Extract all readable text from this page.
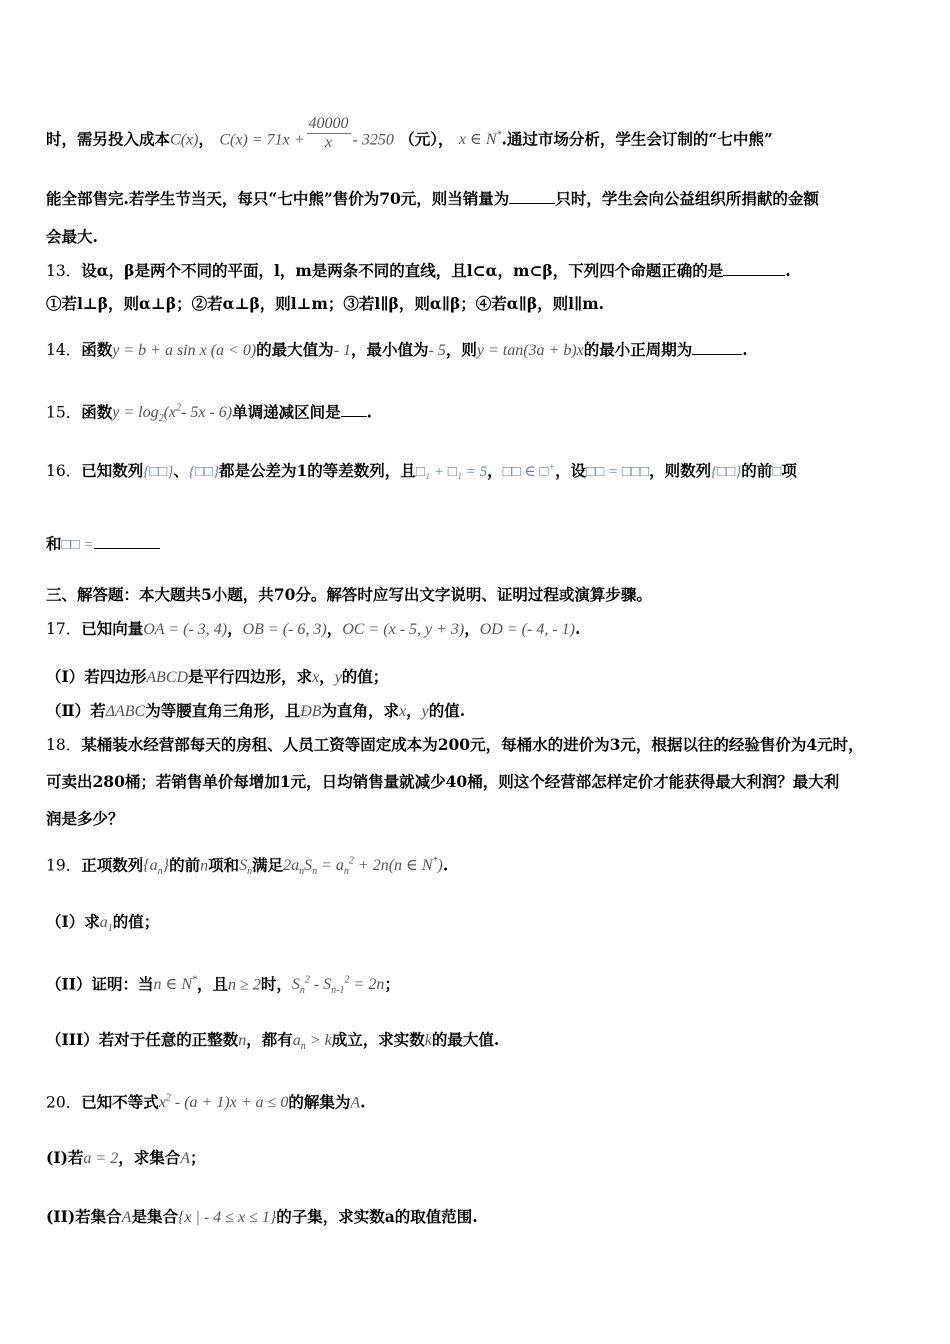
时，需另投入成本C(x)， $C(x) = 71x + \frac{40000}{x} - 3250$ （元）， x ∈ N*.通过市场分析，学生会订制的“七中熊”
能全部售完.若学生节当天，每只“七中熊”售价为70元，则当销量为	只时，学生会向公益组织所捐献的金额
会最大.
13．设α，β是两个不同的平面，l，m是两条不同的直线，且l⊂α，m⊂β，下列四个命题正确的是	.
①若l⊥β，则α⊥β；②若α⊥β，则l⊥m；③若l∥β，则α∥β；④若α∥β，则l∥m.
14．函数y = b + a sin x (a < 0)的最大值为- 1，最小值为- 5，则y = tan(3a + b)x的最小正周期为	.
15．函数$y = \log_2(x^2-$ 5x - 6)单调递减区间是 .
16．已知数列{□□}、{□□}都是公差为1的等差数列，且□₁ + □₁ = 5，□□ ∈ □+，设□□ = □□□，则数列{□□}的前□项
和□□ =
三、解答题：本大题共5小题，共70分。解答时应写出文字说明、证明过程或演算步骤。
17．已知向量OA = (- 3, 4)，OB = (- 6, 3)，OC = (x - 5, y + 3)，OD = (- 4, - 1).
（Ⅰ）若四边形ABCD是平行四边形，求x，y的值；
（Ⅱ）若ΔABC为等腰直角三角形，且ÐB为直角，求x，y的值.
18．某桶装水经营部每天的房租、人员工资等固定成本为200元，每桶水的进价为3元，根据以往的经验售价为4元时，
可卖出280桶；若销售单价每增加1元，日均销售量就减少40桶，则这个经营部怎样定价才能获得最大利润？最大利
润是多少？
19．正项数列$\{a_n\}$的前n项和$S_n$满足$2a_nS_n = a_n^2 + 2n(n$ ∈ N*).
（I）求$a_1$的值；
（II）证明：当n ∈ N*，且n ≥ 2时，$S_n^2 - S_{n-1}^2 = 2n$；
（III）若对于任意的正整数n，都有$a_n > k$成立，求实数k的最大值.
20．已知不等式$x^2 - (a + 1)x + a \le 0$的解集为A.
(I)若a = 2，求集合A；
(II)若集合A是集合{x | - 4 ≤ x ≤ 1}的子集，求实数a的取值范围.
